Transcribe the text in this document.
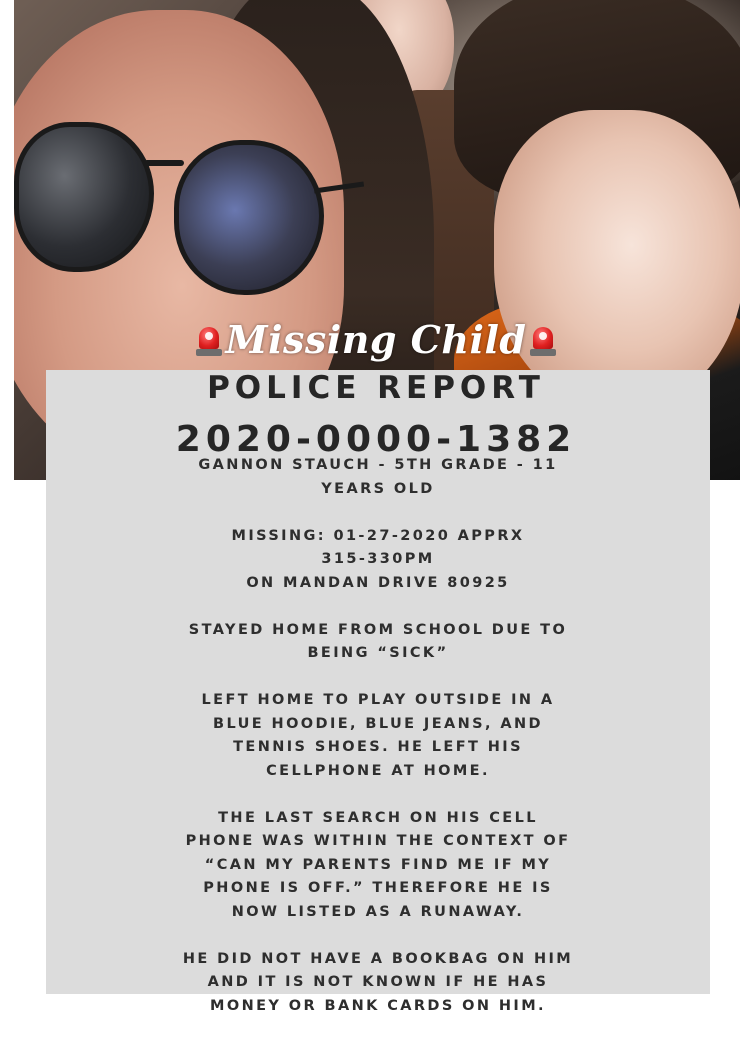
Missing Child
POLICE REPORT
2020-0000-1382
GANNON STAUCH - 5TH GRADE - 11
YEARS OLD
MISSING: 01-27-2020 APPRX
315-330PM
ON MANDAN DRIVE 80925
STAYED HOME FROM SCHOOL DUE TO
BEING “SICK”
LEFT HOME TO PLAY OUTSIDE IN A
BLUE HOODIE, BLUE JEANS, AND
TENNIS SHOES. HE LEFT HIS
CELLPHONE AT HOME.
THE LAST SEARCH ON HIS CELL
PHONE WAS WITHIN THE CONTEXT OF
“CAN MY PARENTS FIND ME IF MY
PHONE IS OFF.” THEREFORE HE IS
NOW LISTED AS A RUNAWAY.
HE DID NOT HAVE A BOOKBAG ON HIM
AND IT IS NOT KNOWN IF HE HAS
MONEY OR BANK CARDS ON HIM.
